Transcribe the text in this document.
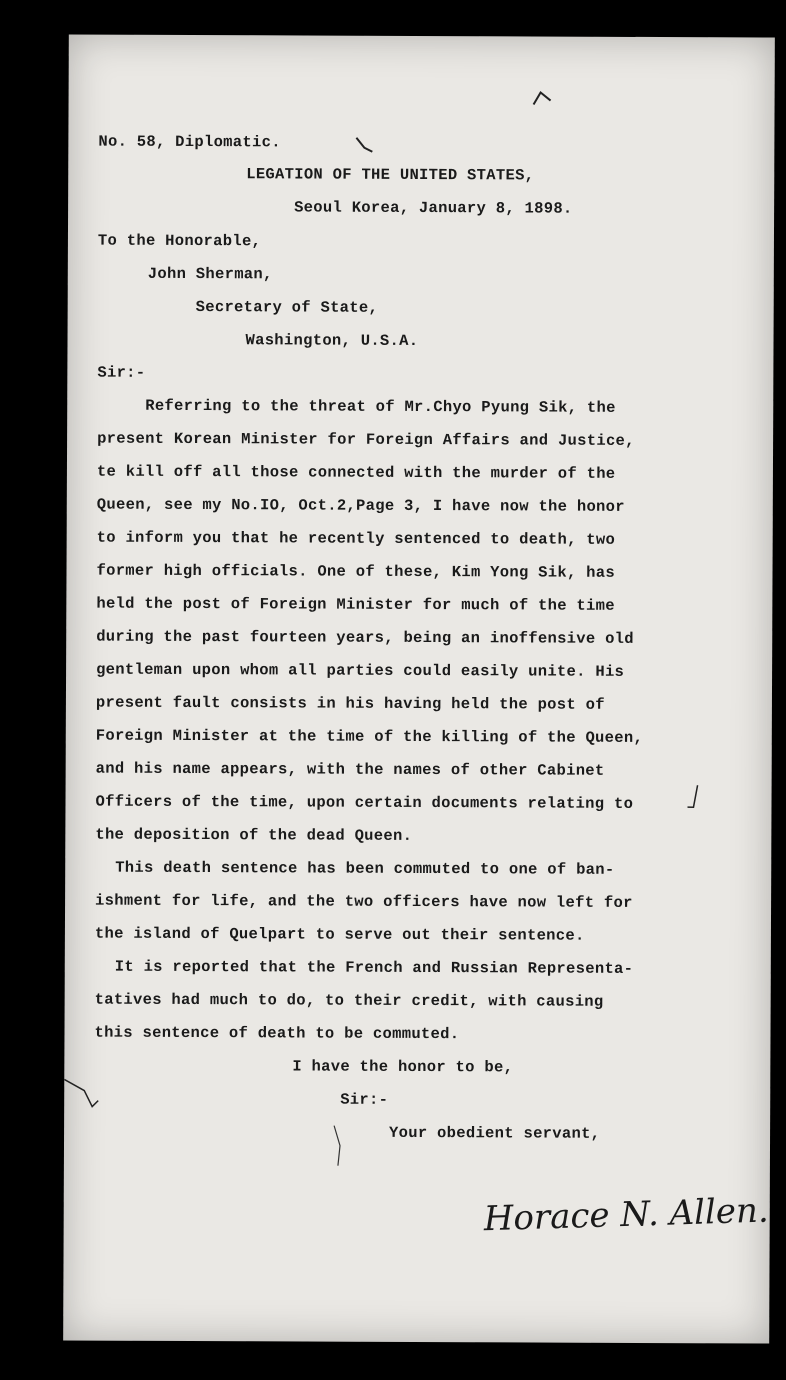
No. 58, Diplomatic.
LEGATION OF THE UNITED STATES,
Seoul Korea, January 8, 1898.
To the Honorable,
John Sherman,
Secretary of State,
Washington, U.S.A.
Sir:-
Referring to the threat of Mr.Chyo Pyung Sik, the
present Korean Minister for Foreign Affairs and Justice,
te kill off all those connected with the murder of the
Queen, see my No.IO, Oct.2,Page 3, I have now the honor
to inform you that he recently sentenced to death, two
former high officials. One of these, Kim Yong Sik, has
held the post of Foreign Minister for much of the time
during the past fourteen years, being an inoffensive old
gentleman upon whom all parties could easily unite. His
present fault consists in his having held the post of
Foreign Minister at the time of the killing of the Queen,
and his name appears, with the names of other Cabinet
Officers of the time, upon certain documents relating to
the deposition of the dead Queen.
This death sentence has been commuted to one of ban-
ishment for life, and the two officers have now left for
the island of Quelpart to serve out their sentence.
It is reported that the French and Russian Representa-
tatives had much to do, to their credit, with causing
this sentence of death to be commuted.
I have the honor to be,
Sir:-
Your obedient servant,
Horace N. Allen.
